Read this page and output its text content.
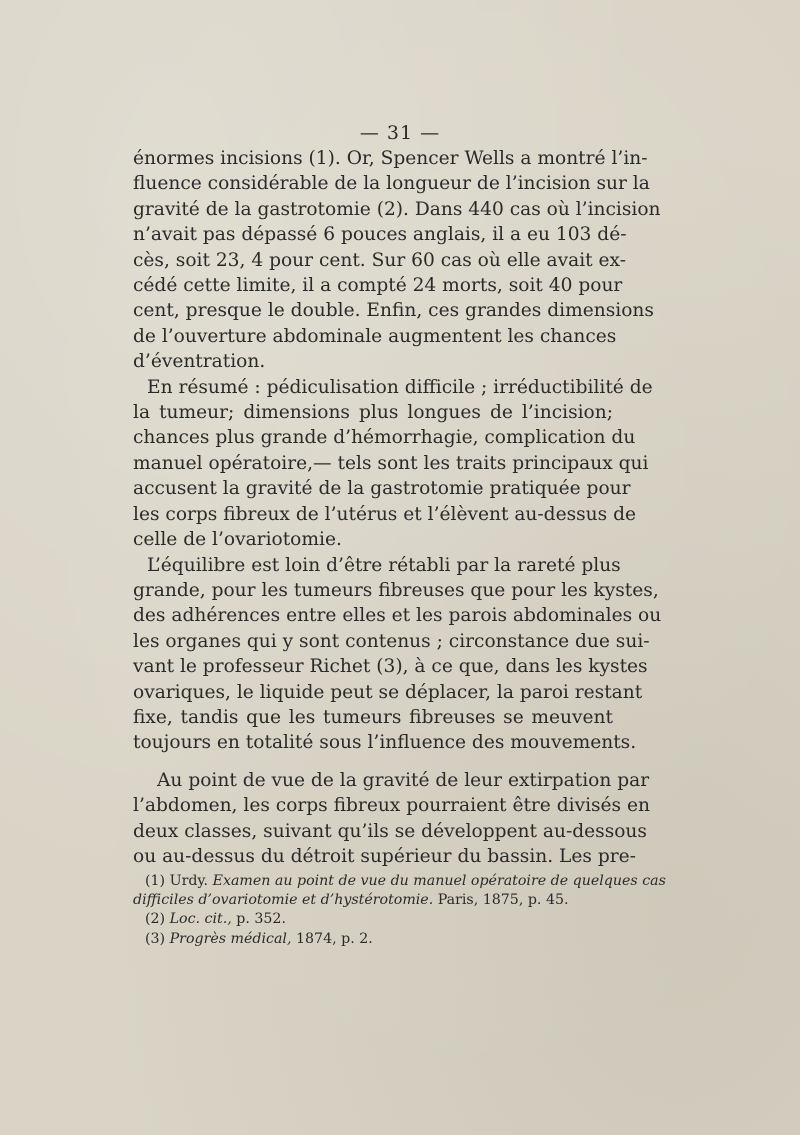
— 31 —
énormes incisions (1). Or, Spencer Wells a montré l’in-
fluence considérable de la longueur de l’incision sur la
gravité de la gastrotomie (2). Dans 440 cas où l’incision
n’avait pas dépassé 6 pouces anglais, il a eu 103 dé-
cès, soit 23, 4 pour cent. Sur 60 cas où elle avait ex-
cédé cette limite, il a compté 24 morts, soit 40 pour
cent, presque le double. Enfin, ces grandes dimensions
de l’ouverture abdominale augmentent les chances
d’éventration.
En résumé : pédiculisation difficile ; irréductibilité de
la tumeur; dimensions plus longues de l’incision;
chances plus grande d’hémorrhagie, complication du
manuel opératoire,— tels sont les traits principaux qui
accusent la gravité de la gastrotomie pratiquée pour
les corps fibreux de l’utérus et l’élèvent au-dessus de
celle de l’ovariotomie.
L’équilibre est loin d’être rétabli par la rareté plus
grande, pour les tumeurs fibreuses que pour les kystes,
des adhérences entre elles et les parois abdominales ou
les organes qui y sont contenus ; circonstance due sui-
vant le professeur Richet (3), à ce que, dans les kystes
ovariques, le liquide peut se déplacer, la paroi restant
fixe, tandis que les tumeurs fibreuses se meuvent
toujours en totalité sous l’influence des mouvements.
Au point de vue de la gravité de leur extirpation par
l’abdomen, les corps fibreux pourraient être divisés en
deux classes, suivant qu’ils se développent au-dessous
ou au-dessus du détroit supérieur du bassin. Les pre-
(1) Urdy. Examen au point de vue du manuel opératoire de quelques cas
difficiles d’ovariotomie et d’hystérotomie. Paris, 1875, p. 45.
(2) Loc. cit., p. 352.
(3) Progrès médical, 1874, p. 2.
